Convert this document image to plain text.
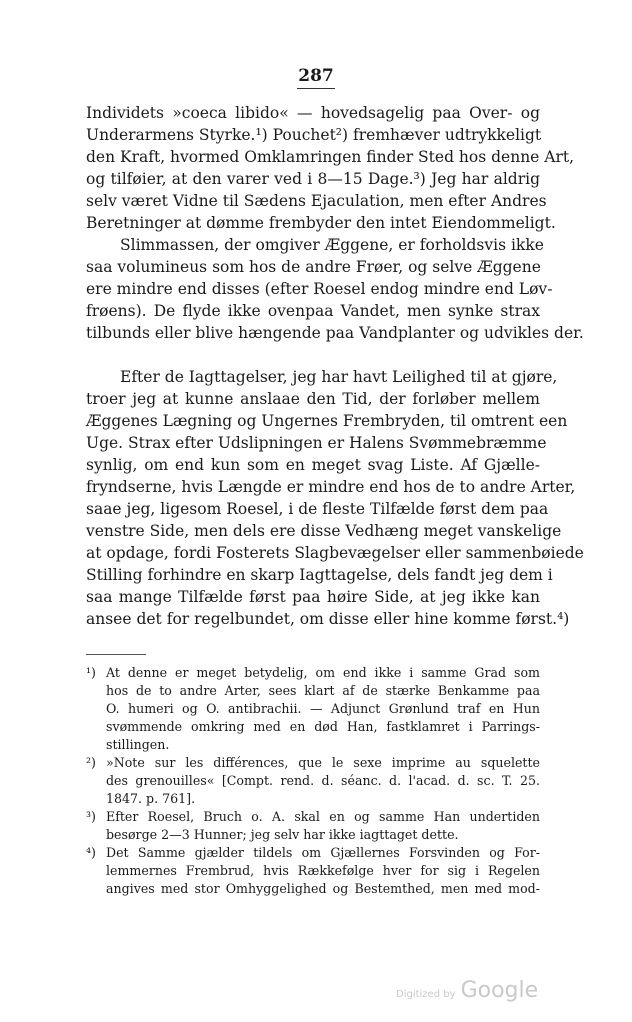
287
Individets »coeca libido« — hovedsagelig paa Over- og
Underarmens Styrke.¹) Pouchet²) fremhæver udtrykkeligt
den Kraft, hvormed Omklamringen finder Sted hos denne Art,
og tilføier, at den varer ved i 8—15 Dage.³) Jeg har aldrig
selv været Vidne til Sædens Ejaculation, men efter Andres
Beretninger at dømme frembyder den intet Eiendommeligt.
Slimmassen, der omgiver Æggene, er forholdsvis ikke
saa volumineus som hos de andre Frøer, og selve Æggene
ere mindre end disses (efter Roesel endog mindre end Løv-
frøens). De flyde ikke ovenpaa Vandet, men synke strax
tilbunds eller blive hængende paa Vandplanter og udvikles der.
Efter de Iagttagelser, jeg har havt Leilighed til at gjøre,
troer jeg at kunne anslaae den Tid, der forløber mellem
Æggenes Lægning og Ungernes Frembryden, til omtrent een
Uge. Strax efter Udslipningen er Halens Svømmebræmme
synlig, om end kun som en meget svag Liste. Af Gjælle-
fryndserne, hvis Længde er mindre end hos de to andre Arter,
saae jeg, ligesom Roesel, i de fleste Tilfælde først dem paa
venstre Side, men dels ere disse Vedhæng meget vanskelige
at opdage, fordi Fosterets Slagbevægelser eller sammenbøiede
Stilling forhindre en skarp Iagttagelse, dels fandt jeg dem i
saa mange Tilfælde først paa høire Side, at jeg ikke kan
ansee det for regelbundet, om disse eller hine komme først.⁴)
¹) At denne er meget betydelig, om end ikke i samme Grad som
hos de to andre Arter, sees klart af de stærke Benkamme paa
O. humeri og O. antibrachii. — Adjunct Grønlund traf en Hun
svømmende omkring med en død Han, fastklamret i Parrings-
stillingen.
²) »Note sur les différences, que le sexe imprime au squelette
des grenouilles« [Compt. rend. d. séanc. d. l'acad. d. sc. T. 25.
1847. p. 761].
³) Efter Roesel, Bruch o. A. skal en og samme Han undertiden
besørge 2—3 Hunner; jeg selv har ikke iagttaget dette.
⁴) Det Samme gjælder tildels om Gjællernes Forsvinden og For-
lemmernes Frembrud, hvis Rækkefølge hver for sig i Regelen
angives med stor Omhyggelighed og Bestemthed, men med mod-
Digitized by Google
